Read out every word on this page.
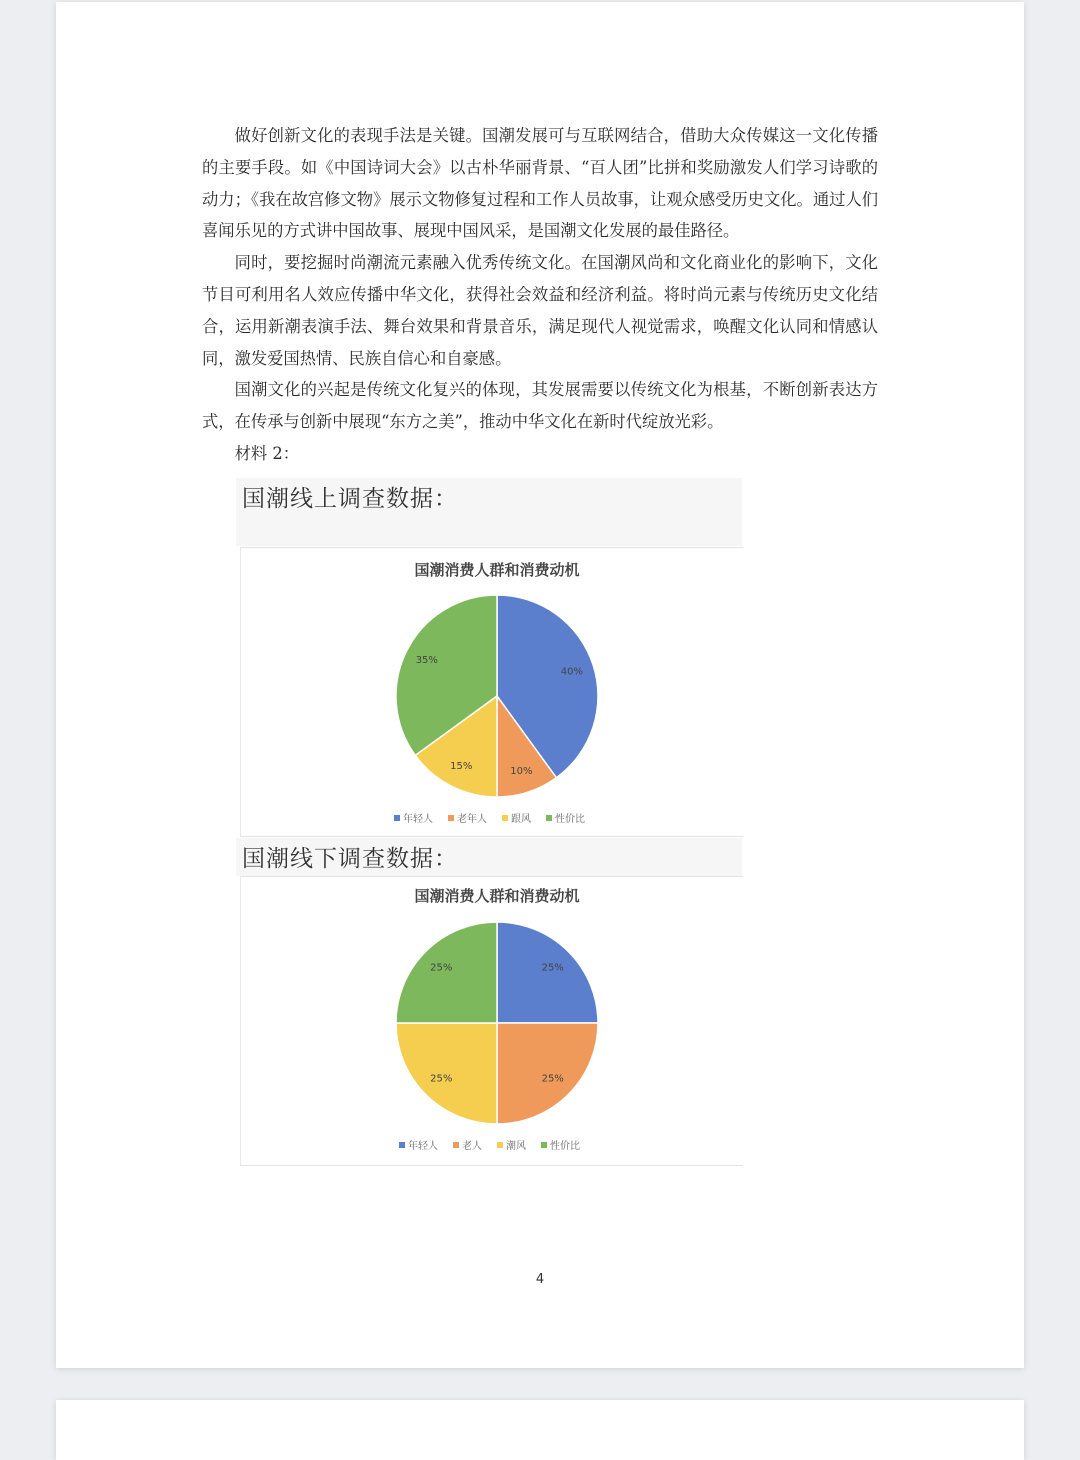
做好创新文化的表现手法是关键。国潮发展可与互联网结合，借助大众传媒这一文化传播的主要手段。如《中国诗词大会》以古朴华丽背景、“百人团”比拼和奖励激发人们学习诗歌的动力；《我在故宫修文物》展示文物修复过程和工作人员故事，让观众感受历史文化。通过人们喜闻乐见的方式讲中国故事、展现中国风采，是国潮文化发展的最佳路径。

同时，要挖掘时尚潮流元素融入优秀传统文化。在国潮风尚和文化商业化的影响下，文化节目可利用名人效应传播中华文化，获得社会效益和经济利益。将时尚元素与传统历史文化结合，运用新潮表演手法、舞台效果和背景音乐，满足现代人视觉需求，唤醒文化认同和情感认同，激发爱国热情、民族自信心和自豪感。

国潮文化的兴起是传统文化复兴的体现，其发展需要以传统文化为根基，不断创新表达方式，在传承与创新中展现“东方之美”，推动中华文化在新时代绽放光彩。

材料 2：

国潮线上调查数据：
国潮消费人群和消费动机
40%
10%
15%
35%
年轻人 老年人 跟风 性价比
国潮线下调查数据：
国潮消费人群和消费动机
25%
25%
25%
25%
年轻人 老人 潮风 性价比
4
